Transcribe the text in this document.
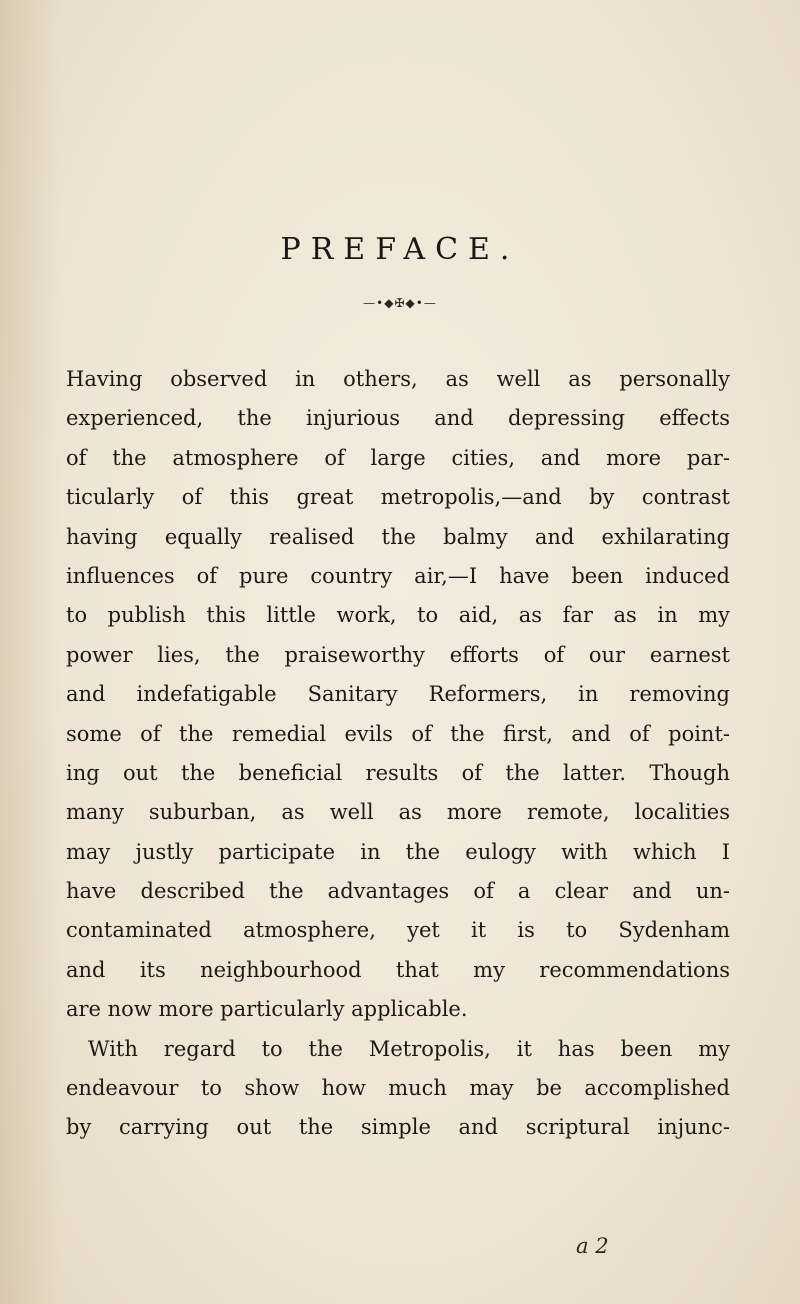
PREFACE.
—•◆✠◆•—
Having observed in others, as well as personally
experienced, the injurious and depressing effects
of the atmosphere of large cities, and more par-
ticularly of this great metropolis,—and by contrast
having equally realised the balmy and exhilarating
influences of pure country air,—I have been induced
to publish this little work, to aid, as far as in my
power lies, the praiseworthy efforts of our earnest
and indefatigable Sanitary Reformers, in removing
some of the remedial evils of the first, and of point-
ing out the beneficial results of the latter. Though
many suburban, as well as more remote, localities
may justly participate in the eulogy with which I
have described the advantages of a clear and un-
contaminated atmosphere, yet it is to Sydenham
and its neighbourhood that my recommendations
are now more particularly applicable.
With regard to the Metropolis, it has been my
endeavour to show how much may be accomplished
by carrying out the simple and scriptural injunc-
a 2
